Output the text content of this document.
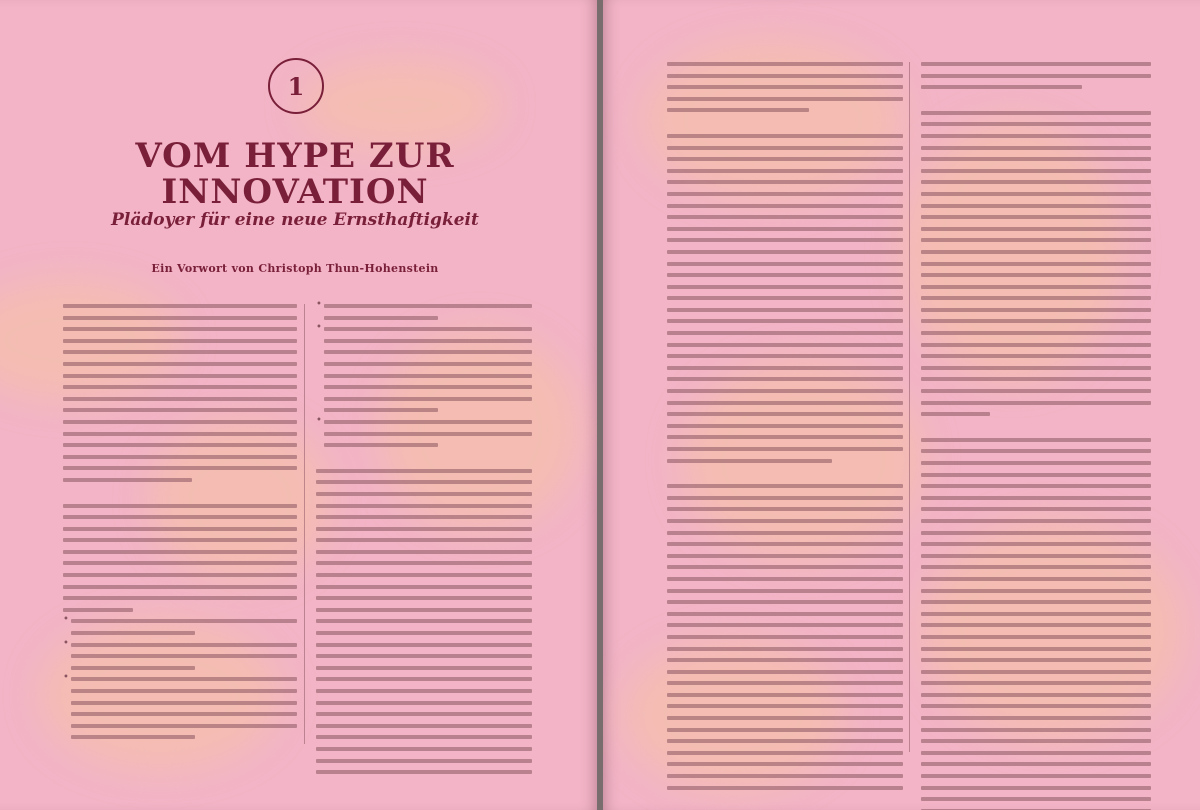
1
VOM HYPE ZUR
INNOVATION
Plädoyer für eine neue Ernsthaftigkeit
Ein Vorwort von Christoph Thun-Hohenstein
•
•
•
•
•
•
